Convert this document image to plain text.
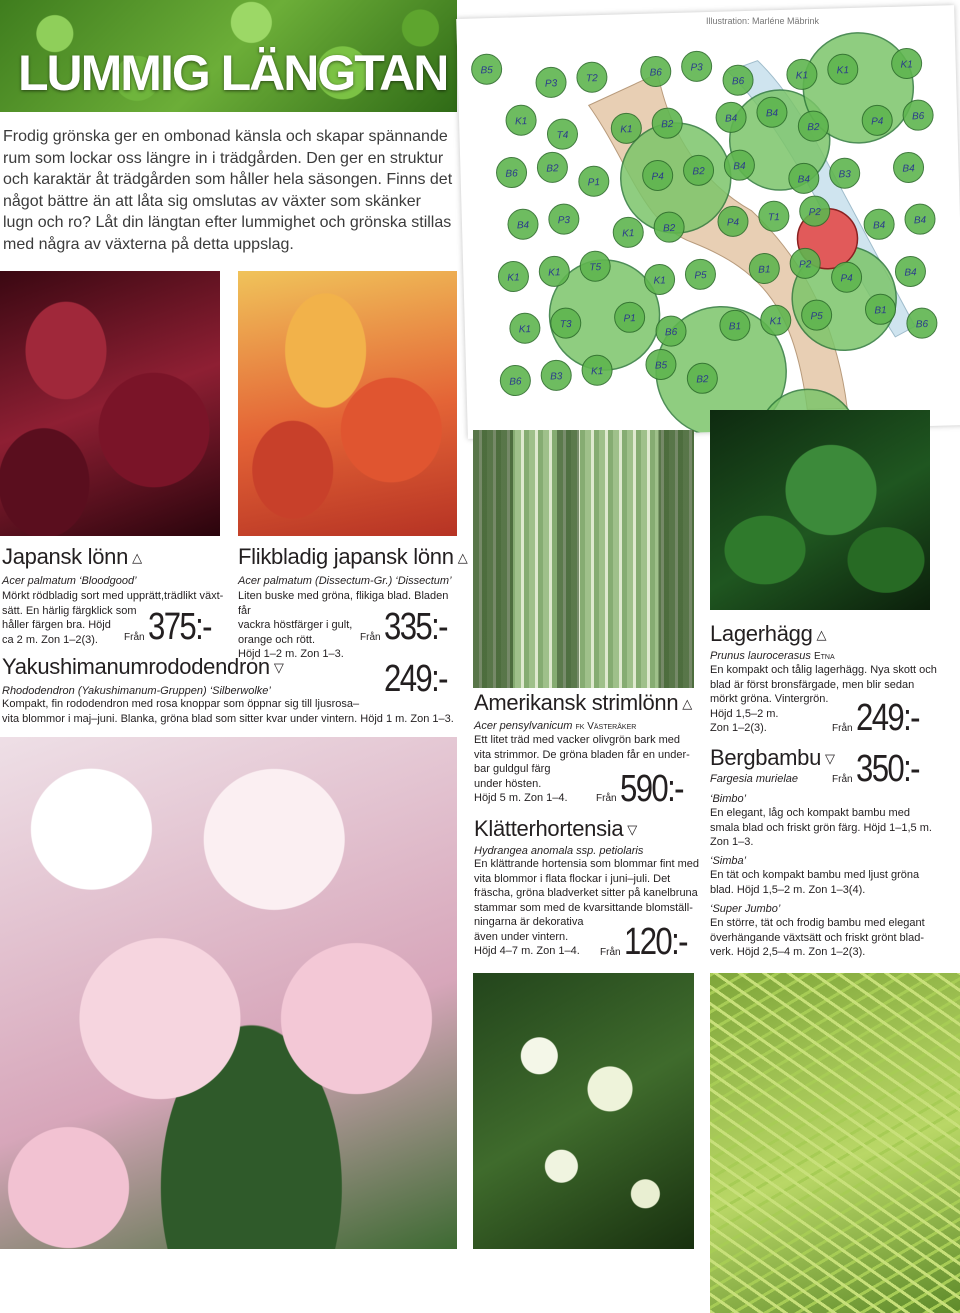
LUMMIG LÄNGTAN

Frodig grönska ger en ombonad känsla och skapar spännande rum som lockar oss längre in i trädgården. Den ger en struktur och karaktär åt trädgården som håller hela säsongen. Finns det något bättre än att låta sig omslutas av växter som skänker lugn och ro? Låt din längtan efter lummighet och grönska stillas med några av växterna på detta uppslag.

B5
P3	T2
B6	P3
B6
K1	K1
K1
K1
T4
K1	B2
B4	B4
B2
P4	B6
B6	B2
P1
P4	B2	B4
B4	B3
B4
B4	P3
K1	B2
P4	T1	P2
B4	B4
K1	K1	T5
K1	P5
B1	P2
P4
B4
K1	T3
P1
B6
B1	K1	P5
B1
B6
B6	B3	K1
B5
B2
Illustration: Marléne Mäbrink
Japansk lönn △
Acer palmatum ‘Bloodgood’
Mörkt rödbladig sort med upprätt,trädlikt växt-
sätt. En härlig färgklick som
håller färgen bra. Höjd
ca 2 m. Zon 1–2(3).	Från 375:-
Flikbladig japansk lönn △
Acer palmatum (Dissectum-Gr.) ‘Dissectum’
Liten buske med gröna, flikiga blad. Bladen får
vackra höstfärger i gult,
orange och rött.
Höjd 1–2 m. Zon 1–3.
Från 335:-
Yakushimanumrododendron ▽	249:-
Rhododendron (Yakushimanum-Gruppen) ‘Silberwolke’
Kompakt, fin rododendron med rosa knoppar som öppnar sig till ljusrosa–
vita blommor i maj–juni. Blanka, gröna blad som sitter kvar under vintern. Höjd 1 m. Zon 1–3.
Amerikansk strimlönn △
Acer pensylvanicum fk Västeråker
Ett litet träd med vacker olivgrön bark med
vita strimmor. De gröna bladen får en under-
bar guldgul färg
under hösten.
Höjd 5 m. Zon 1–4.	Från 590:-
Klätterhortensia ▽
Hydrangea anomala ssp. petiolaris
En klättrande hortensia som blommar fint med
vita blommor i flata flockar i juni–juli. Det
fräscha, gröna bladverket sitter på kanelbruna
stammar som med de kvarsittande blomställ-
ningarna är dekorativa
även under vintern.
Höjd 4–7 m. Zon 1–4.	Från 120:-
Lagerhägg △
Prunus laurocerasus Etna
En kompakt och tålig lagerhägg. Nya skott och
blad är först bronsfärgade, men blir sedan
mörkt gröna. Vintergrön.
Höjd 1,5–2 m.
Zon 1–2(3).	Från 249:-
Bergbambu ▽
Fargesia murielae	Från 350:-
‘Bimbo’
En elegant, låg och kompakt bambu med
smala blad och friskt grön färg. Höjd 1–1,5 m.
Zon 1–3.
‘Simba’
En tät och kompakt bambu med ljust gröna
blad. Höjd 1,5–2 m. Zon 1–3(4).
‘Super Jumbo’
En större, tät och frodig bambu med elegant
överhängande växtsätt och friskt grönt blad-
verk. Höjd 2,5–4 m. Zon 1–2(3).
